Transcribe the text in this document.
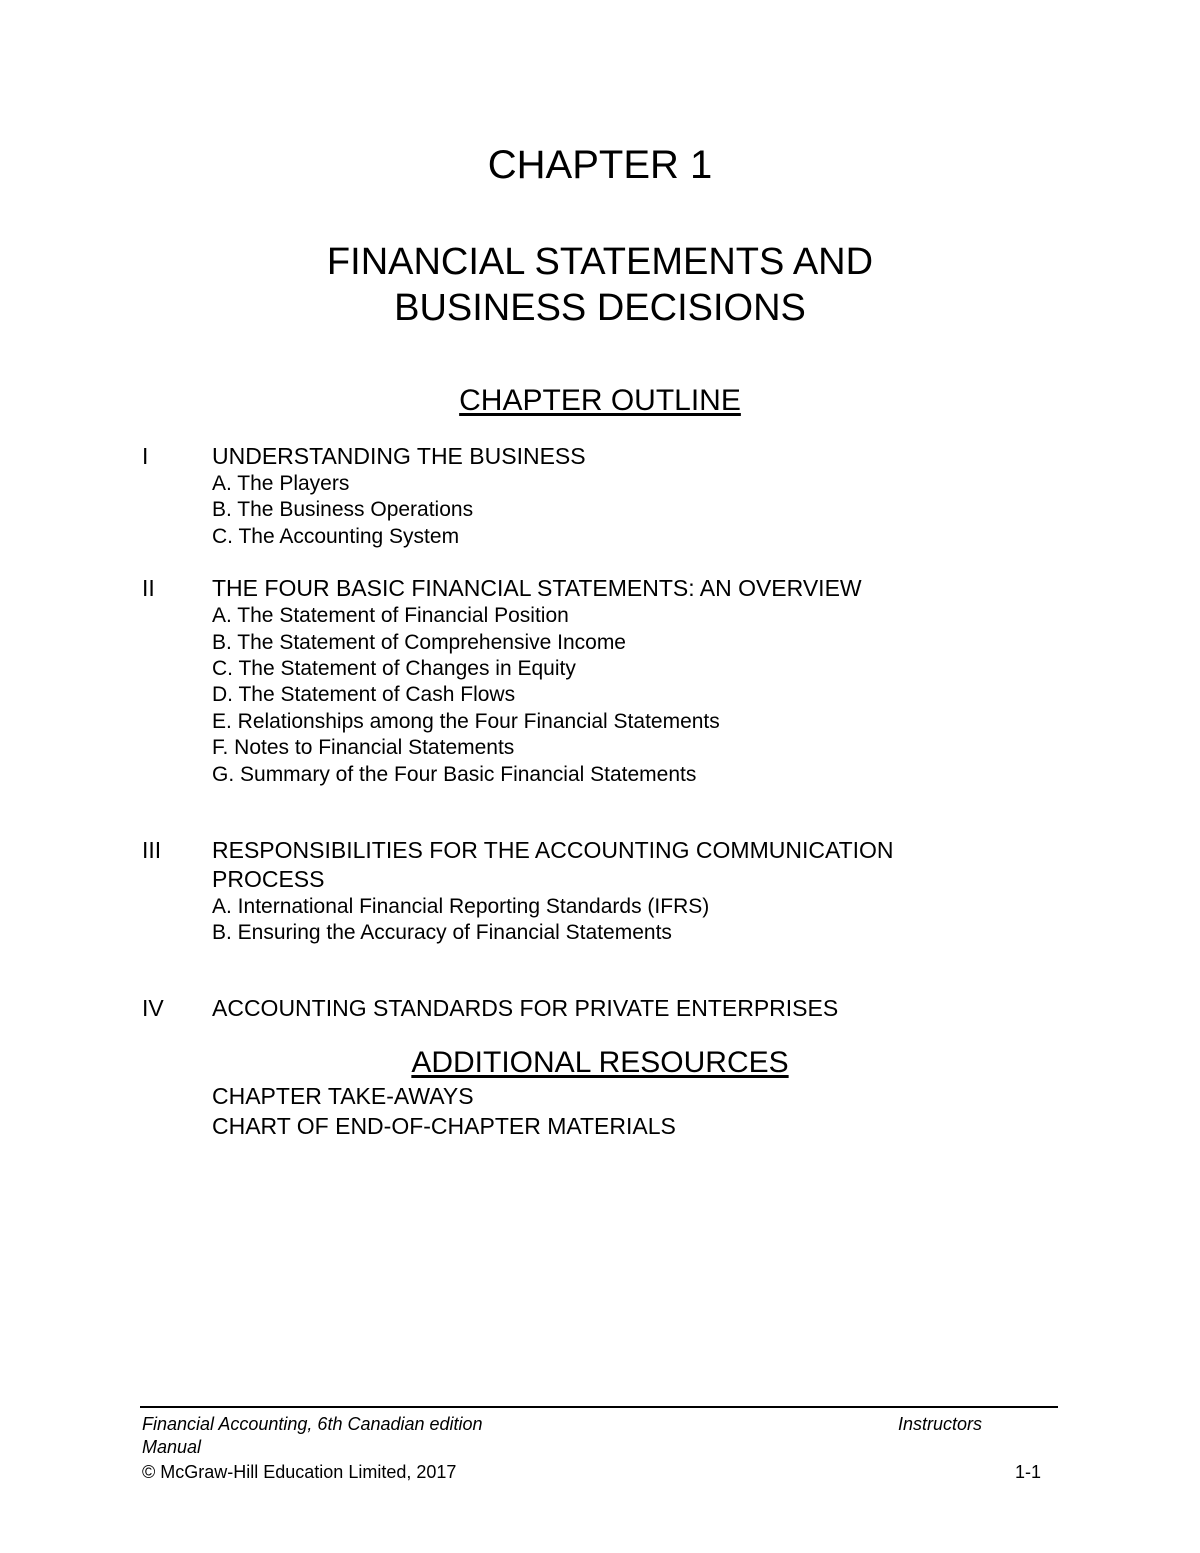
CHAPTER 1
FINANCIAL STATEMENTS AND
BUSINESS DECISIONS
CHAPTER OUTLINE
I	UNDERSTANDING THE BUSINESS
A. The Players
B. The Business Operations
C. The Accounting System
II THE FOUR BASIC FINANCIAL STATEMENTS: AN OVERVIEW
A. The Statement of Financial Position
B. The Statement of Comprehensive Income
C. The Statement of Changes in Equity
D. The Statement of Cash Flows
E. Relationships among the Four Financial Statements
F. Notes to Financial Statements
G. Summary of the Four Basic Financial Statements
III RESPONSIBILITIES FOR THE ACCOUNTING COMMUNICATION
PROCESS
A. International Financial Reporting Standards (IFRS)
B. Ensuring the Accuracy of Financial Statements
IV ACCOUNTING STANDARDS FOR PRIVATE ENTERPRISES
ADDITIONAL RESOURCES
CHAPTER TAKE-AWAYS
CHART OF END-OF-CHAPTER MATERIALS
Financial Accounting, 6th Canadian edition	Instructors
Manual
© McGraw-Hill Education Limited, 2017	1-1
